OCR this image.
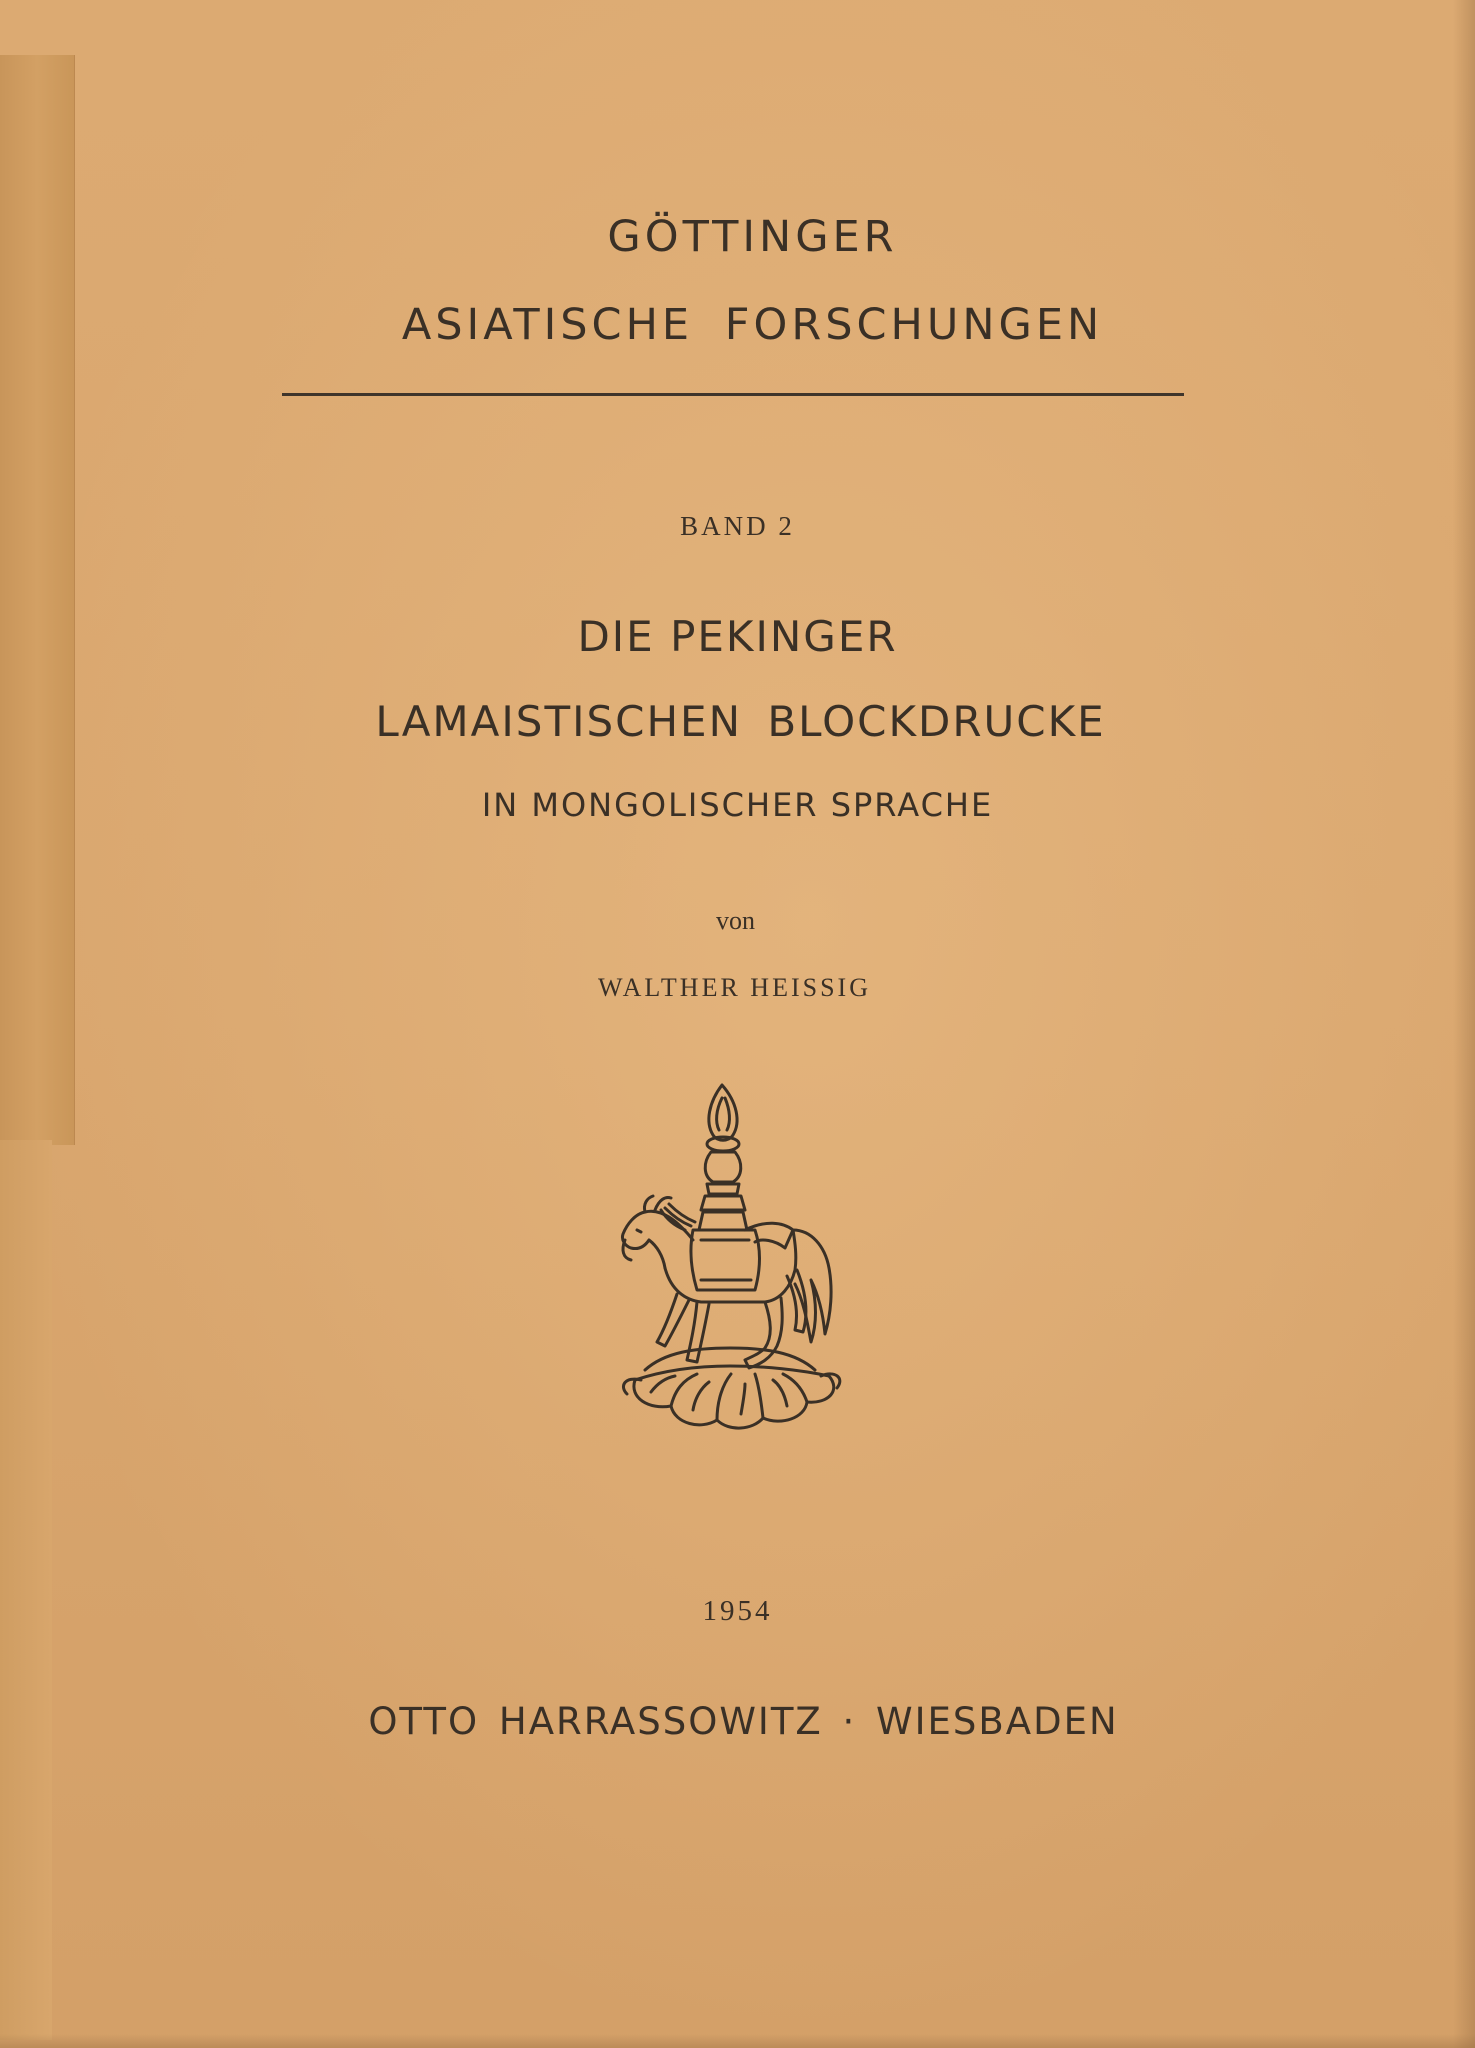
GÖTTINGER
ASIATISCHE FORSCHUNGEN
BAND 2
DIE PEKINGER
LAMAISTISCHEN BLOCKDRUCKE
IN MONGOLISCHER SPRACHE
von
WALTHER HEISSIG
1954
OTTO HARRASSOWITZ · WIESBADEN
